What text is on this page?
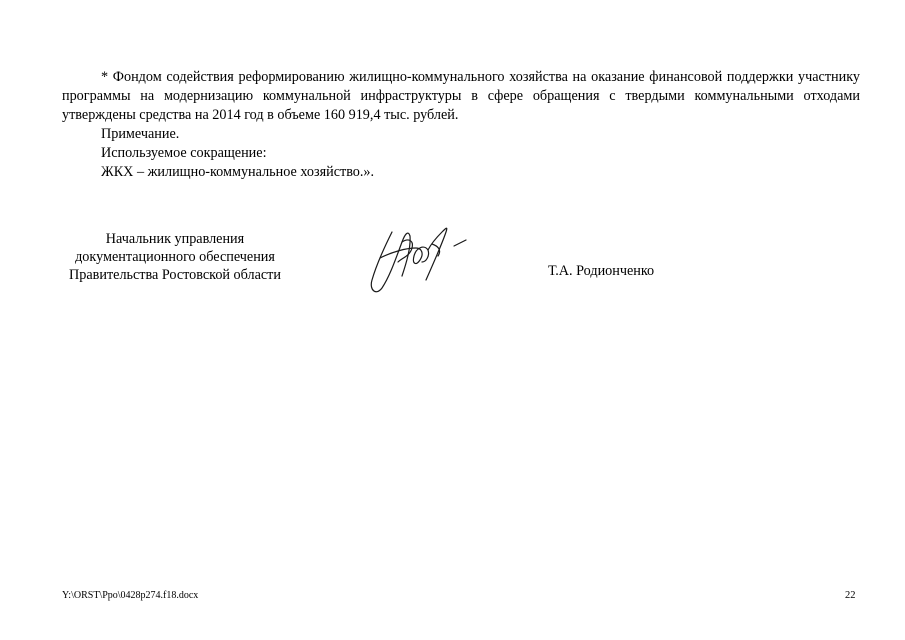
* Фондом содействия реформированию жилищно-коммунального хозяйства на оказание финансовой поддержки участнику программы на модернизацию коммунальной инфраструктуры в сфере обращения с твердыми коммунальными отходами утверждены средства на 2014 год в объеме 160 919,4 тыс. рублей.

Примечание.

Используемое сокращение:

ЖКХ – жилищно-коммунальное хозяйство.».

Начальник управления
документационного обеспечения
Правительства Ростовской области	Т.А. Родионченко
Y:\ORST\Ppo\0428p274.f18.docx	22
